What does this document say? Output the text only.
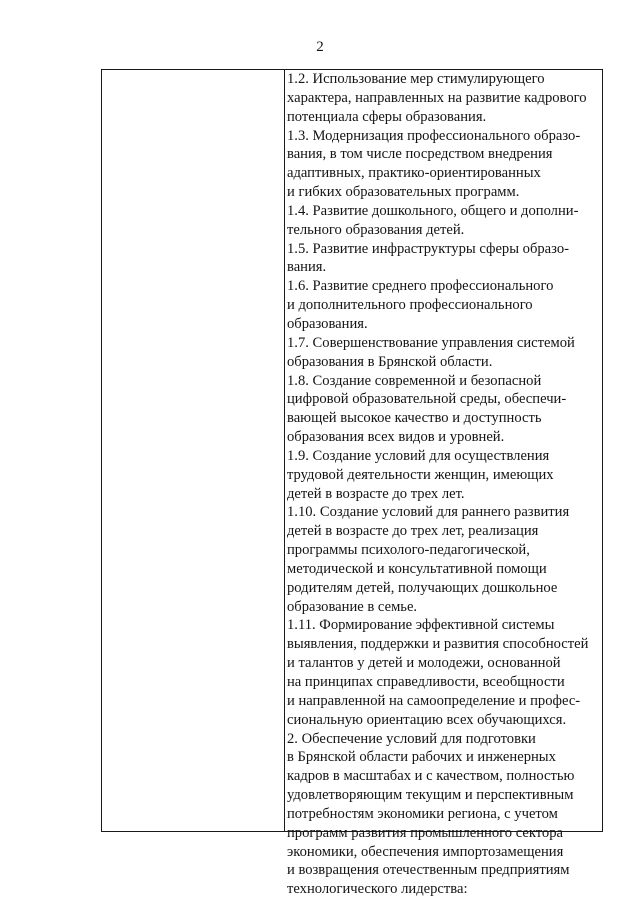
2
1.2. Использование мер стимулирующего
характера, направленных на развитие кадрового
потенциала сферы образования.
1.3. Модернизация профессионального образо-
вания, в том числе посредством внедрения
адаптивных, практико-ориентированных
и гибких образовательных программ.
1.4. Развитие дошкольного, общего и дополни-
тельного образования детей.
1.5. Развитие инфраструктуры сферы образо-
вания.
1.6. Развитие среднего профессионального
и дополнительного профессионального
образования.
1.7. Совершенствование управления системой
образования в Брянской области.
1.8. Создание современной и безопасной
цифровой образовательной среды, обеспечи-
вающей высокое качество и доступность
образования всех видов и уровней.
1.9. Создание условий для осуществления
трудовой деятельности женщин, имеющих
детей в возрасте до трех лет.
1.10. Создание условий для раннего развития
детей в возрасте до трех лет, реализация
программы психолого-педагогической,
методической и консультативной помощи
родителям детей, получающих дошкольное
образование в семье.
1.11. Формирование эффективной системы
выявления, поддержки и развития способностей
и талантов у детей и молодежи, основанной
на принципах справедливости, всеобщности
и направленной на самоопределение и профес-
сиональную ориентацию всех обучающихся.
2. Обеспечение условий для подготовки
в Брянской области рабочих и инженерных
кадров в масштабах и с качеством, полностью
удовлетворяющим текущим и перспективным
потребностям экономики региона, с учетом
программ развития промышленного сектора
экономики, обеспечения импортозамещения
и возвращения отечественным предприятиям
технологического лидерства:
